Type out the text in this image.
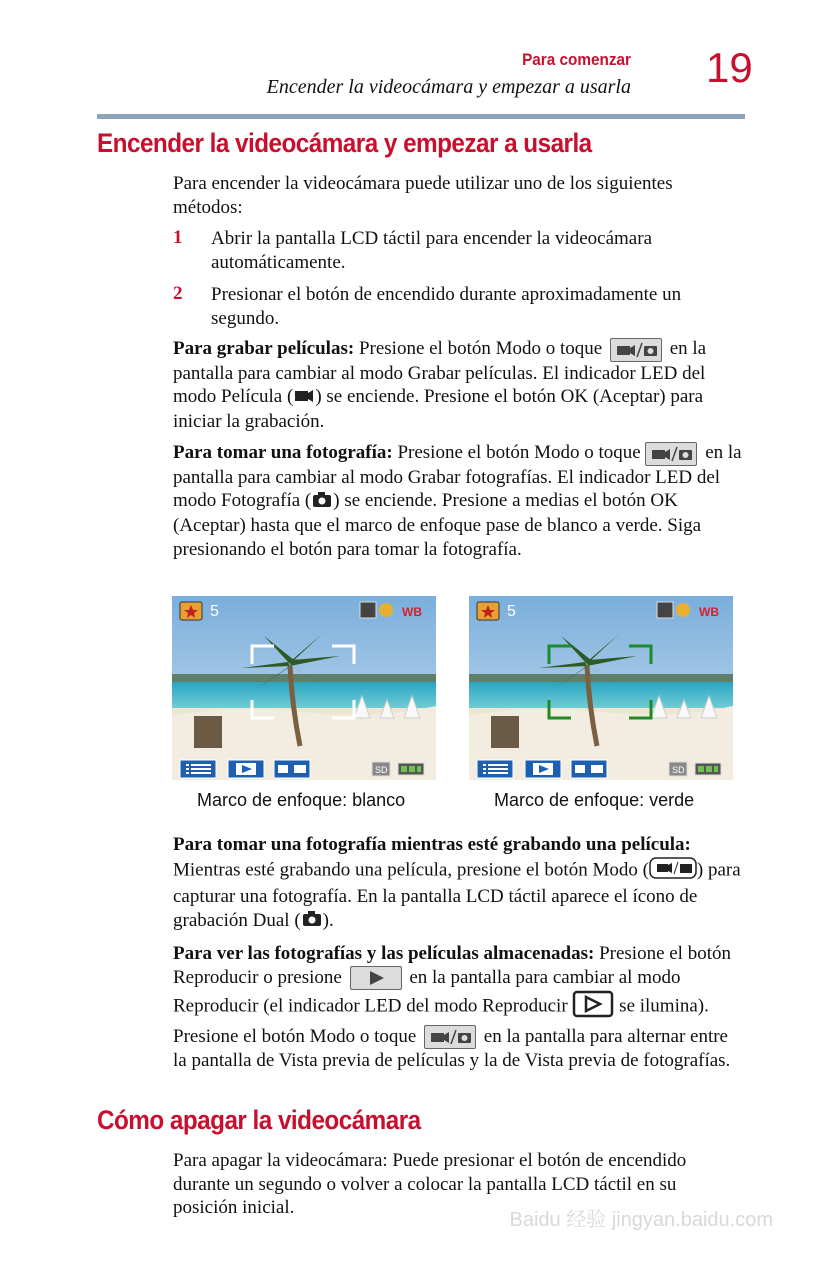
Para comenzar
Encender la videocámara y empezar a usarla 19
Encender la videocámara y empezar a usarla

Para encender la videocámara puede utilizar uno de los siguientes métodos:

1 Abrir la pantalla LCD táctil para encender la videocámara automáticamente.
2 Presionar el botón de encendido durante aproximadamente un segundo.

Para grabar películas: Presione el botón Modo o toque	en la pantalla para cambiar al modo Grabar películas. El indicador LED del modo Película ( ) se enciende. Presione el botón OK (Aceptar) para iniciar la grabación.

Para tomar una fotografía: Presione el botón Modo o toque	en la pantalla para cambiar al modo Grabar fotografías. El indicador LED del modo Fotografía ( ) se enciende. Presione a medias el botón OK (Aceptar) hasta que el marco de enfoque pase de blanco a verde. Siga presionando el botón para tomar la fotografía.

5	WB
SD
Marco de enfoque: blanco
5	WB
SD
Marco de enfoque: verde

Para tomar una fotografía mientras esté grabando una película: Mientras esté grabando una película, presione el botón Modo (	) para capturar una fotografía. En la pantalla LCD táctil aparece el ícono de grabación Dual ( ).

Para ver las fotografías y las películas almacenadas: Presione el botón Reproducir o presione	en la pantalla para cambiar al modo Reproducir (el indicador LED del modo Reproducir  se ilumina). Presione el botón Modo o toque	en la pantalla para alternar entre la pantalla de Vista previa de películas y la de Vista previa de fotografías.

Cómo apagar la videocámara

Para apagar la videocámara: Puede presionar el botón de encendido durante un segundo o volver a colocar la pantalla LCD táctil en su posición inicial.

Baidu 经验 jingyan.baidu.com
